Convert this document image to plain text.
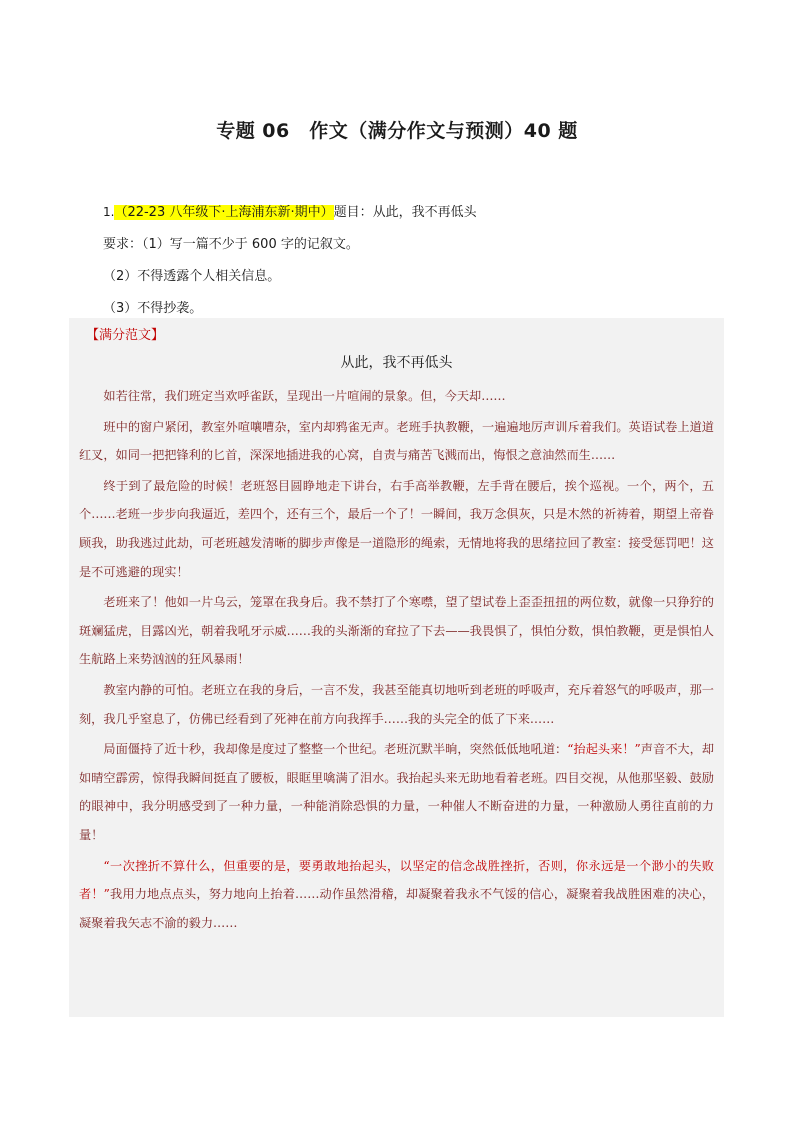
专题 06　作文（满分作文与预测）40 题
1.（22-23 八年级下·上海浦东新·期中）题目：从此，我不再低头
要求：（1）写一篇不少于 600 字的记叙文。
（2）不得透露个人相关信息。
（3）不得抄袭。
【满分范文】
从此，我不再低头

如若往常，我们班定当欢呼雀跃，呈现出一片喧闹的景象。但，今天却……

班中的窗户紧闭，教室外喧嚷嘈杂，室内却鸦雀无声。老班手执教鞭，一遍遍地厉声训斥着我们。英语试卷上道道红叉，如同一把把锋利的匕首，深深地插进我的心窝，自责与痛苦飞溅而出，悔恨之意油然而生……

终于到了最危险的时候！老班怒目圆睁地走下讲台，右手高举教鞭，左手背在腰后，挨个巡视。一个，两个，五个……老班一步步向我逼近，差四个，还有三个，最后一个了！一瞬间，我万念俱灰，只是木然的祈祷着，期望上帝眷顾我，助我逃过此劫，可老班越发清晰的脚步声像是一道隐形的绳索，无情地将我的思绪拉回了教室：接受惩罚吧！这是不可逃避的现实！

老班来了！他如一片乌云，笼罩在我身后。我不禁打了个寒噤，望了望试卷上歪歪扭扭的两位数，就像一只狰狞的斑斓猛虎，目露凶光，朝着我吼牙示威……我的头渐渐的耷拉了下去——我畏惧了，惧怕分数，惧怕教鞭，更是惧怕人生航路上来势汹汹的狂风暴雨！

教室内静的可怕。老班立在我的身后，一言不发，我甚至能真切地听到老班的呼吸声，充斥着怒气的呼吸声，那一刻，我几乎窒息了，仿佛已经看到了死神在前方向我挥手……我的头完全的低了下来……

局面僵持了近十秒，我却像是度过了整整一个世纪。老班沉默半晌，突然低低地吼道：“抬起头来！”声音不大，却如晴空霹雳，惊得我瞬间挺直了腰板，眼眶里噙满了泪水。我抬起头来无助地看着老班。四目交视，从他那坚毅、鼓励的眼神中，我分明感受到了一种力量，一种能消除恐惧的力量，一种催人不断奋进的力量，一种激励人勇往直前的力量！

“一次挫折不算什么，但重要的是，要勇敢地抬起头，以坚定的信念战胜挫折，否则，你永远是一个渺小的失败者！”我用力地点点头，努力地向上抬着……动作虽然滑稽，却凝聚着我永不气馁的信心，凝聚着我战胜困难的决心，凝聚着我矢志不渝的毅力……
